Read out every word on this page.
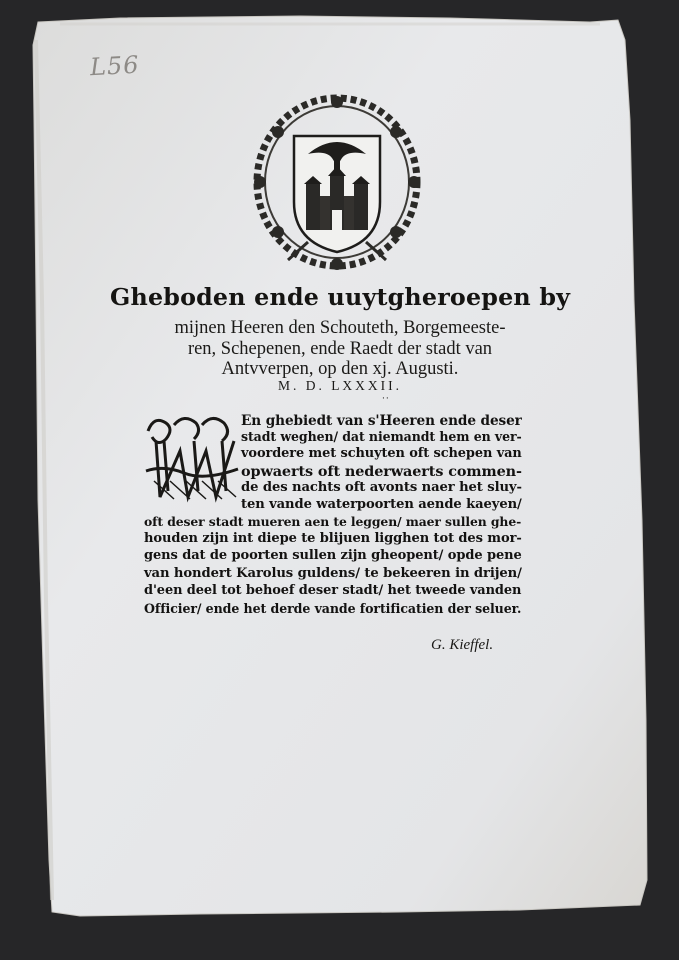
L56
Gheboden ende uuytgheroepen by
mijnen Heeren den Schouteth, Borgemeeste-
ren, Schepenen, ende Raedt der stadt van
Antvverpen, op den xj. Augusti.
M. D. LXXXII.
··
En ghebiedt van s'Heeren ende deser
stadt weghen/ dat niemandt hem en ver-
voordere met schuyten oft schepen van
opwaerts oft nederwaerts commen-
de des nachts oft avonts naer het sluy-
ten vande waterpoorten aende kaeyen/
oft deser stadt mueren aen te leggen/ maer sullen ghe-
houden zijn int diepe te blijuen ligghen tot des mor-
gens dat de poorten sullen zijn gheopent/ opde pene
van hondert Karolus guldens/ te bekeeren in drijen/
d'een deel tot behoef deser stadt/ het tweede vanden
Officier/ ende het derde vande fortificatien der seluer.
G. Kieffel.
